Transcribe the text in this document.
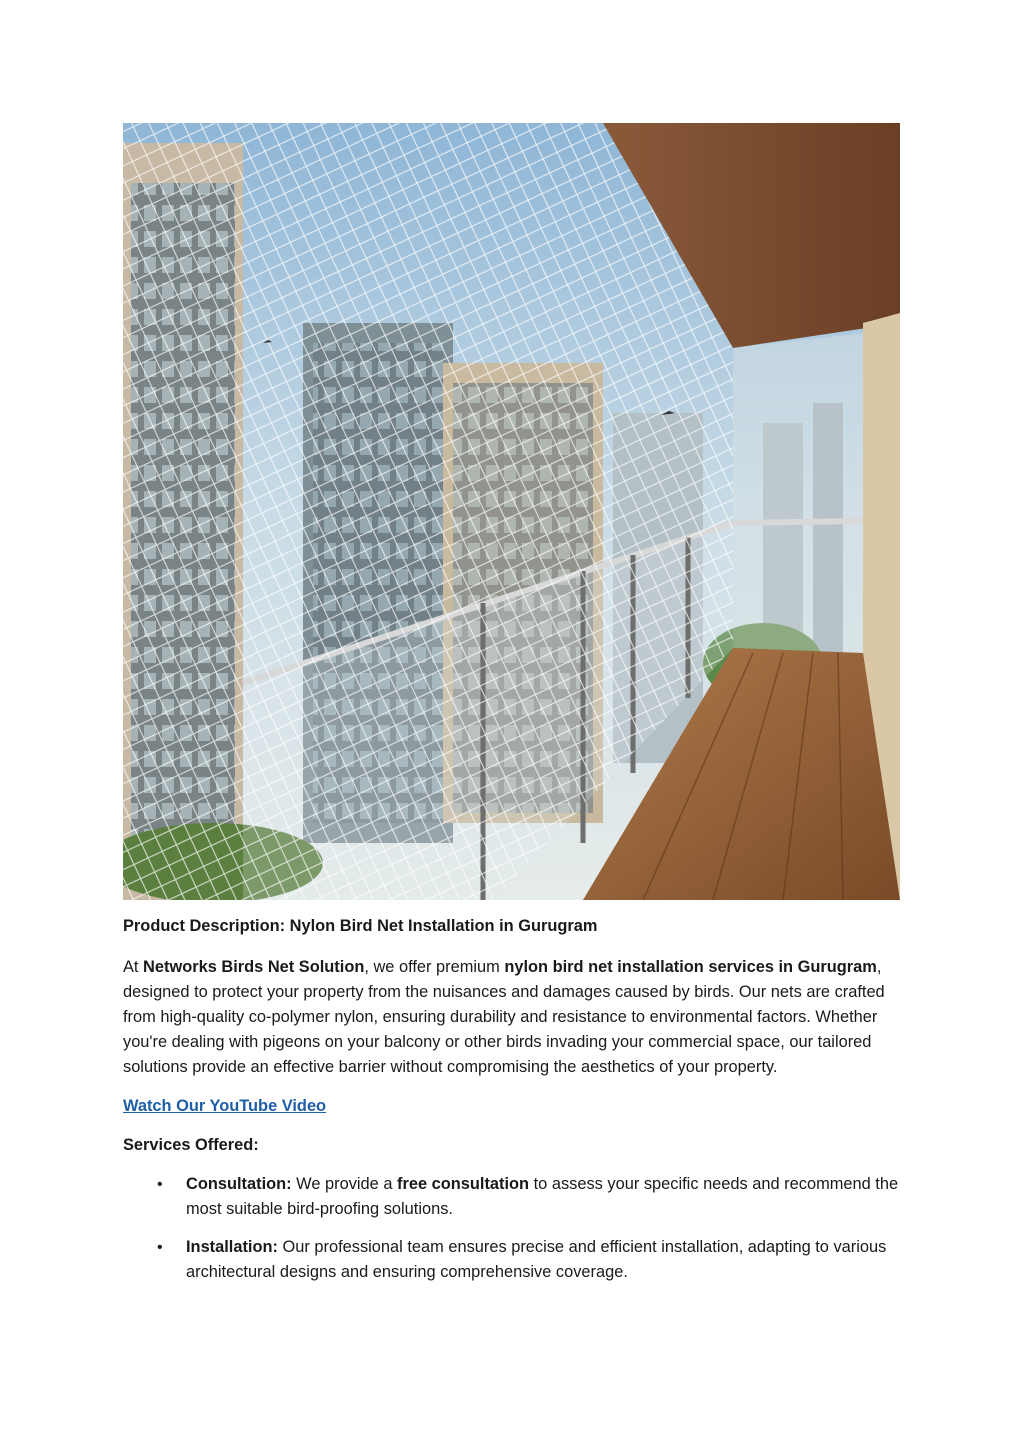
Product Description: Nylon Bird Net Installation in Gurugram

At Networks Birds Net Solution, we offer premium nylon bird net installation services in Gurugram, designed to protect your property from the nuisances and damages caused by birds. Our nets are crafted from high-quality co-polymer nylon, ensuring durability and resistance to environmental factors. Whether you're dealing with pigeons on your balcony or other birds invading your commercial space, our tailored solutions provide an effective barrier without compromising the aesthetics of your property.

Watch Our YouTube Video
Services Offered:
• Consultation: We provide a free consultation to assess your specific needs and recommend the most suitable bird-proofing solutions.
• Installation: Our professional team ensures precise and efficient installation, adapting to various architectural designs and ensuring comprehensive coverage.
